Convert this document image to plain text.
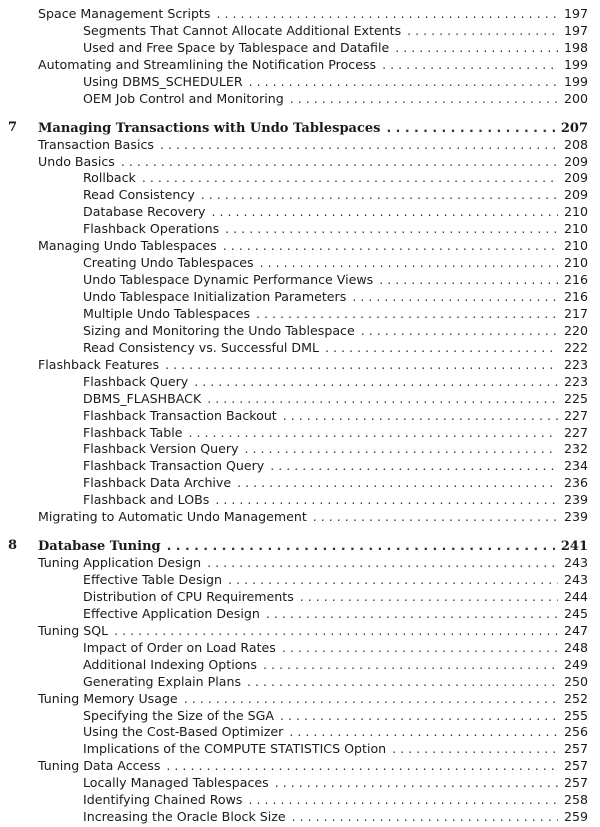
Space Management Scripts . . .	197
Segments That Cannot Allocate Additional Extents . . .	197
Used and Free Space by Tablespace and Datafile . . .	198
Automating and Streamlining the Notification Process . . .	199
Using DBMS_SCHEDULER . . .	199
OEM Job Control and Monitoring . . .	200
7 Managing Transactions with Undo Tablespaces . . .	207
Transaction Basics . . .	208
Undo Basics . . .	209
Rollback . . .	209
Read Consistency . . .	209
Database Recovery . . .	210
Flashback Operations . . .	210
Managing Undo Tablespaces . . .	210
Creating Undo Tablespaces . . .	210
Undo Tablespace Dynamic Performance Views . . .	216
Undo Tablespace Initialization Parameters . . .	216
Multiple Undo Tablespaces . . .	217
Sizing and Monitoring the Undo Tablespace . . .	220
Read Consistency vs. Successful DML . . .	222
Flashback Features . . .	223
Flashback Query . . .	223
DBMS_FLASHBACK . . .	225
Flashback Transaction Backout . . .	227
Flashback Table . . .	227
Flashback Version Query . . .	232
Flashback Transaction Query . . .	234
Flashback Data Archive . . .	236
Flashback and LOBs . . .	239
Migrating to Automatic Undo Management . . .	239
8 Database Tuning . . .	241
Tuning Application Design . . .	243
Effective Table Design . . .	243
Distribution of CPU Requirements . . .	244
Effective Application Design . . .	245
Tuning SQL . . .	247
Impact of Order on Load Rates . . .	248
Additional Indexing Options . . .	249
Generating Explain Plans . . .	250
Tuning Memory Usage . . .	252
Specifying the Size of the SGA . . .	255
Using the Cost-Based Optimizer . . .	256
Implications of the COMPUTE STATISTICS Option . . .	257
Tuning Data Access . . .	257
Locally Managed Tablespaces . . .	257
Identifying Chained Rows . . .	258
Increasing the Oracle Block Size . . .	259
